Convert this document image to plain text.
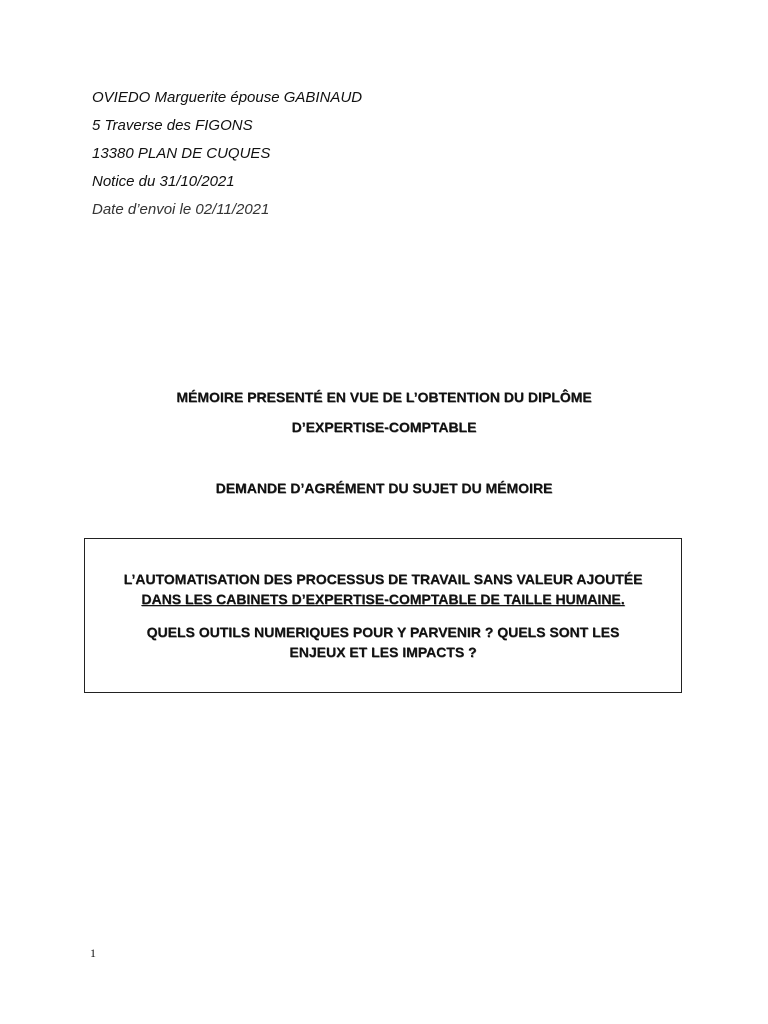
OVIEDO Marguerite épouse GABINAUD
5 Traverse des FIGONS
13380 PLAN DE CUQUES
Notice du 31/10/2021
Date d’envoi le 02/11/2021
MÉMOIRE PRESENTÉ EN VUE DE L’OBTENTION DU DIPLÔME
D’EXPERTISE-COMPTABLE
DEMANDE D’AGRÉMENT DU SUJET DU MÉMOIRE
L’AUTOMATISATION DES PROCESSUS DE TRAVAIL SANS VALEUR AJOUTÉE
DANS LES CABINETS D’EXPERTISE-COMPTABLE DE TAILLE HUMAINE.
QUELS OUTILS NUMERIQUES POUR Y PARVENIR ? QUELS SONT LES
ENJEUX ET LES IMPACTS ?
1
